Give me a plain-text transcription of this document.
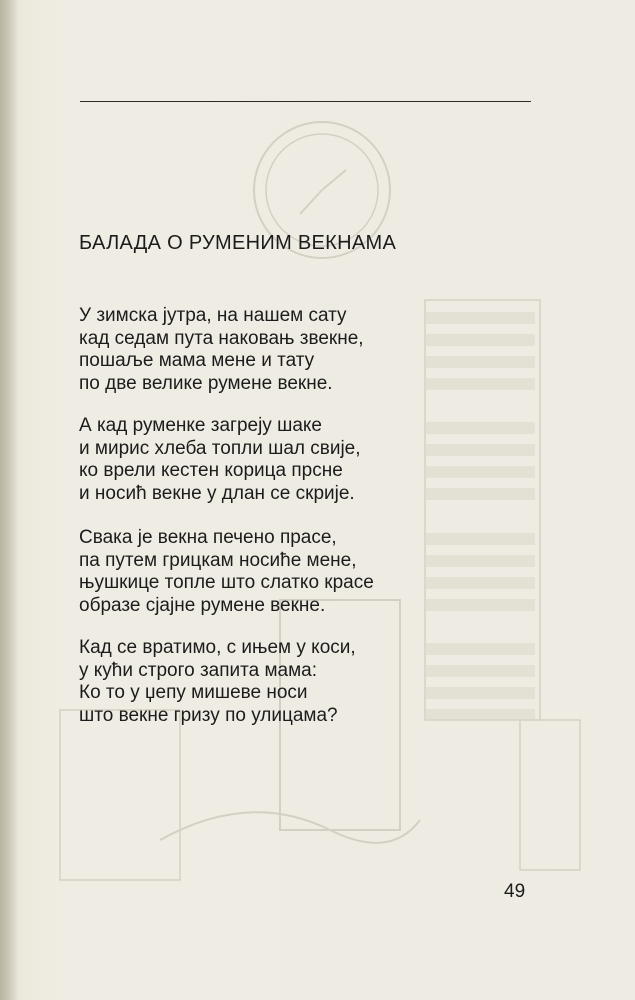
БАЛАДА О РУМЕНИМ ВЕКНАМА
У зимска јутра, на нашем сату
кад седам пута наковањ звекне,
пошаље мама мене и тату
по две велике румене векне.
А кад руменке загреју шаке
и мирис хлеба топли шал свије,
ко врели кестен корица прсне
и носић векне у длан се скрије.
Свака је векна печено прасе,
па путем грицкам носиће мене,
њушкице топле што слатко красе
образе сјајне румене векне.
Кад се вратимо, с ињем у коси,
у кући строго запита мама:
Ко то у џепу мишеве носи
што векне гризу по улицама?
49
